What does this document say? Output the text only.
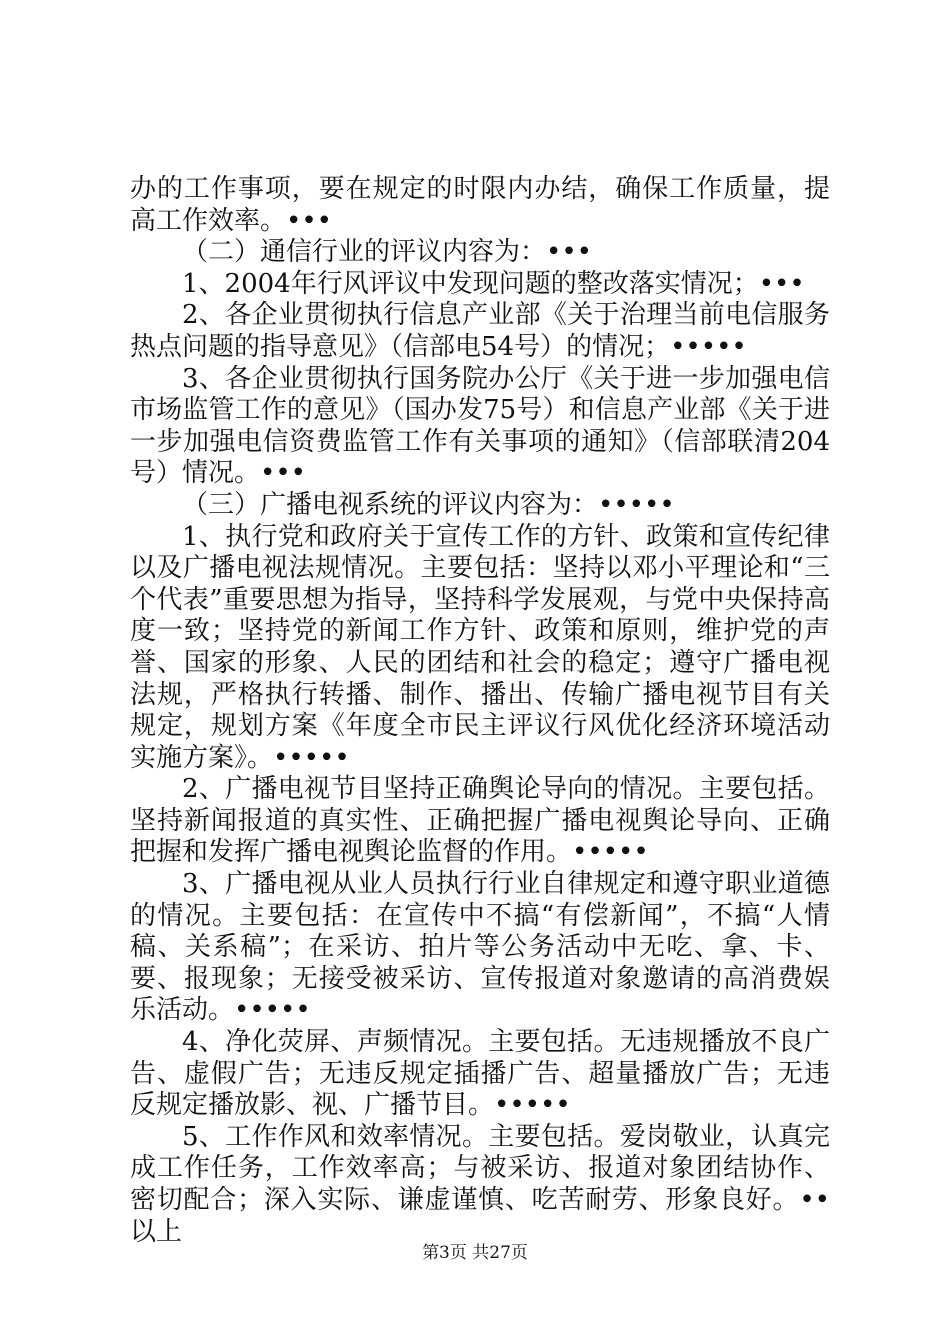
办的工作事项，要在规定的时限内办结，确保工作质量，提高工作效率。•••

（二）通信行业的评议内容为：•••

1、2004年行风评议中发现问题的整改落实情况；•••

2、各企业贯彻执行信息产业部《关于治理当前电信服务热点问题的指导意见》（信部电54号）的情况；•••••

3、各企业贯彻执行国务院办公厅《关于进一步加强电信市场监管工作的意见》（国办发75号）和信息产业部《关于进一步加强电信资费监管工作有关事项的通知》（信部联清204号）情况。•••

（三）广播电视系统的评议内容为：•••••

1、执行党和政府关于宣传工作的方针、政策和宣传纪律以及广播电视法规情况。主要包括：坚持以邓小平理论和“三个代表”重要思想为指导，坚持科学发展观，与党中央保持高度一致；坚持党的新闻工作方针、政策和原则，维护党的声誉、国家的形象、人民的团结和社会的稳定；遵守广播电视法规，严格执行转播、制作、播出、传输广播电视节目有关规定，规划方案《年度全市民主评议行风优化经济环境活动实施方案》。•••••

2、广播电视节目坚持正确舆论导向的情况。主要包括。坚持新闻报道的真实性、正确把握广播电视舆论导向、正确把握和发挥广播电视舆论监督的作用。•••••

3、广播电视从业人员执行行业自律规定和遵守职业道德的情况。主要包括：在宣传中不搞“有偿新闻”，不搞“人情稿、关系稿”；在采访、拍片等公务活动中无吃、拿、卡、要、报现象；无接受被采访、宣传报道对象邀请的高消费娱乐活动。•••••

4、净化荧屏、声频情况。主要包括。无违规播放不良广告、虚假广告；无违反规定插播广告、超量播放广告；无违反规定播放影、视、广播节目。•••••

5、工作作风和效率情况。主要包括。爱岗敬业，认真完成工作任务，工作效率高；与被采访、报道对象团结协作、密切配合；深入实际、谦虚谨慎、吃苦耐劳、形象良好。••以上

第3页 共27页
